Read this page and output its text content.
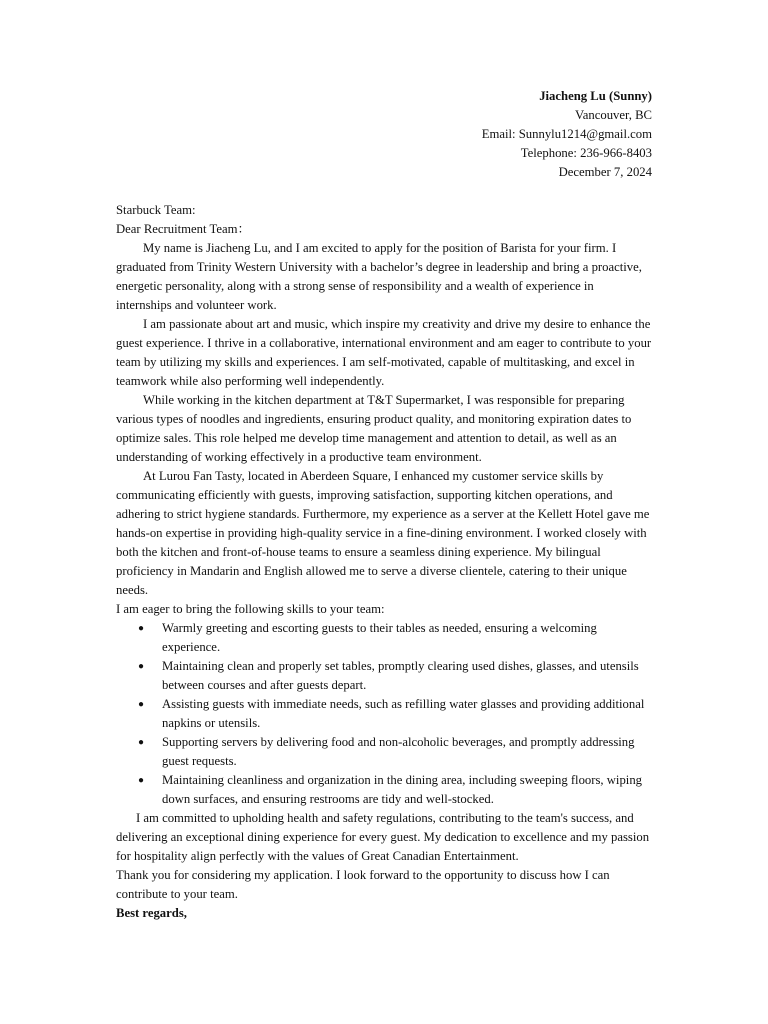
Jiacheng Lu (Sunny)
Vancouver, BC
Email: Sunnylu1214@gmail.com
Telephone: 236-966-8403
December 7, 2024

Starbuck Team:

Dear Recruitment Team：

My name is Jiacheng Lu, and I am excited to apply for the position of Barista for your firm. I graduated from Trinity Western University with a bachelor’s degree in leadership and bring a proactive, energetic personality, along with a strong sense of responsibility and a wealth of experience in internships and volunteer work.

I am passionate about art and music, which inspire my creativity and drive my desire to enhance the guest experience. I thrive in a collaborative, international environment and am eager to contribute to your team by utilizing my skills and experiences. I am self-motivated, capable of multitasking, and excel in teamwork while also performing well independently.

While working in the kitchen department at T&T Supermarket, I was responsible for preparing various types of noodles and ingredients, ensuring product quality, and monitoring expiration dates to optimize sales. This role helped me develop time management and attention to detail, as well as an understanding of working effectively in a productive team environment.

At Lurou Fan Tasty, located in Aberdeen Square, I enhanced my customer service skills by communicating efficiently with guests, improving satisfaction, supporting kitchen operations, and adhering to strict hygiene standards. Furthermore, my experience as a server at the Kellett Hotel gave me hands-on expertise in providing high-quality service in a fine-dining environment. I worked closely with both the kitchen and front-of-house teams to ensure a seamless dining experience. My bilingual proficiency in Mandarin and English allowed me to serve a diverse clientele, catering to their unique needs.

I am eager to bring the following skills to your team:

● Warmly greeting and escorting guests to their tables as needed, ensuring a welcoming experience.
● Maintaining clean and properly set tables, promptly clearing used dishes, glasses, and utensils between courses and after guests depart.
● Assisting guests with immediate needs, such as refilling water glasses and providing additional napkins or utensils.
● Supporting servers by delivering food and non-alcoholic beverages, and promptly addressing guest requests.
● Maintaining cleanliness and organization in the dining area, including sweeping floors, wiping down surfaces, and ensuring restrooms are tidy and well-stocked.

I am committed to upholding health and safety regulations, contributing to the team's success, and delivering an exceptional dining experience for every guest. My dedication to excellence and my passion for hospitality align perfectly with the values of Great Canadian Entertainment.

Thank you for considering my application. I look forward to the opportunity to discuss how I can contribute to your team.

Best regards,
